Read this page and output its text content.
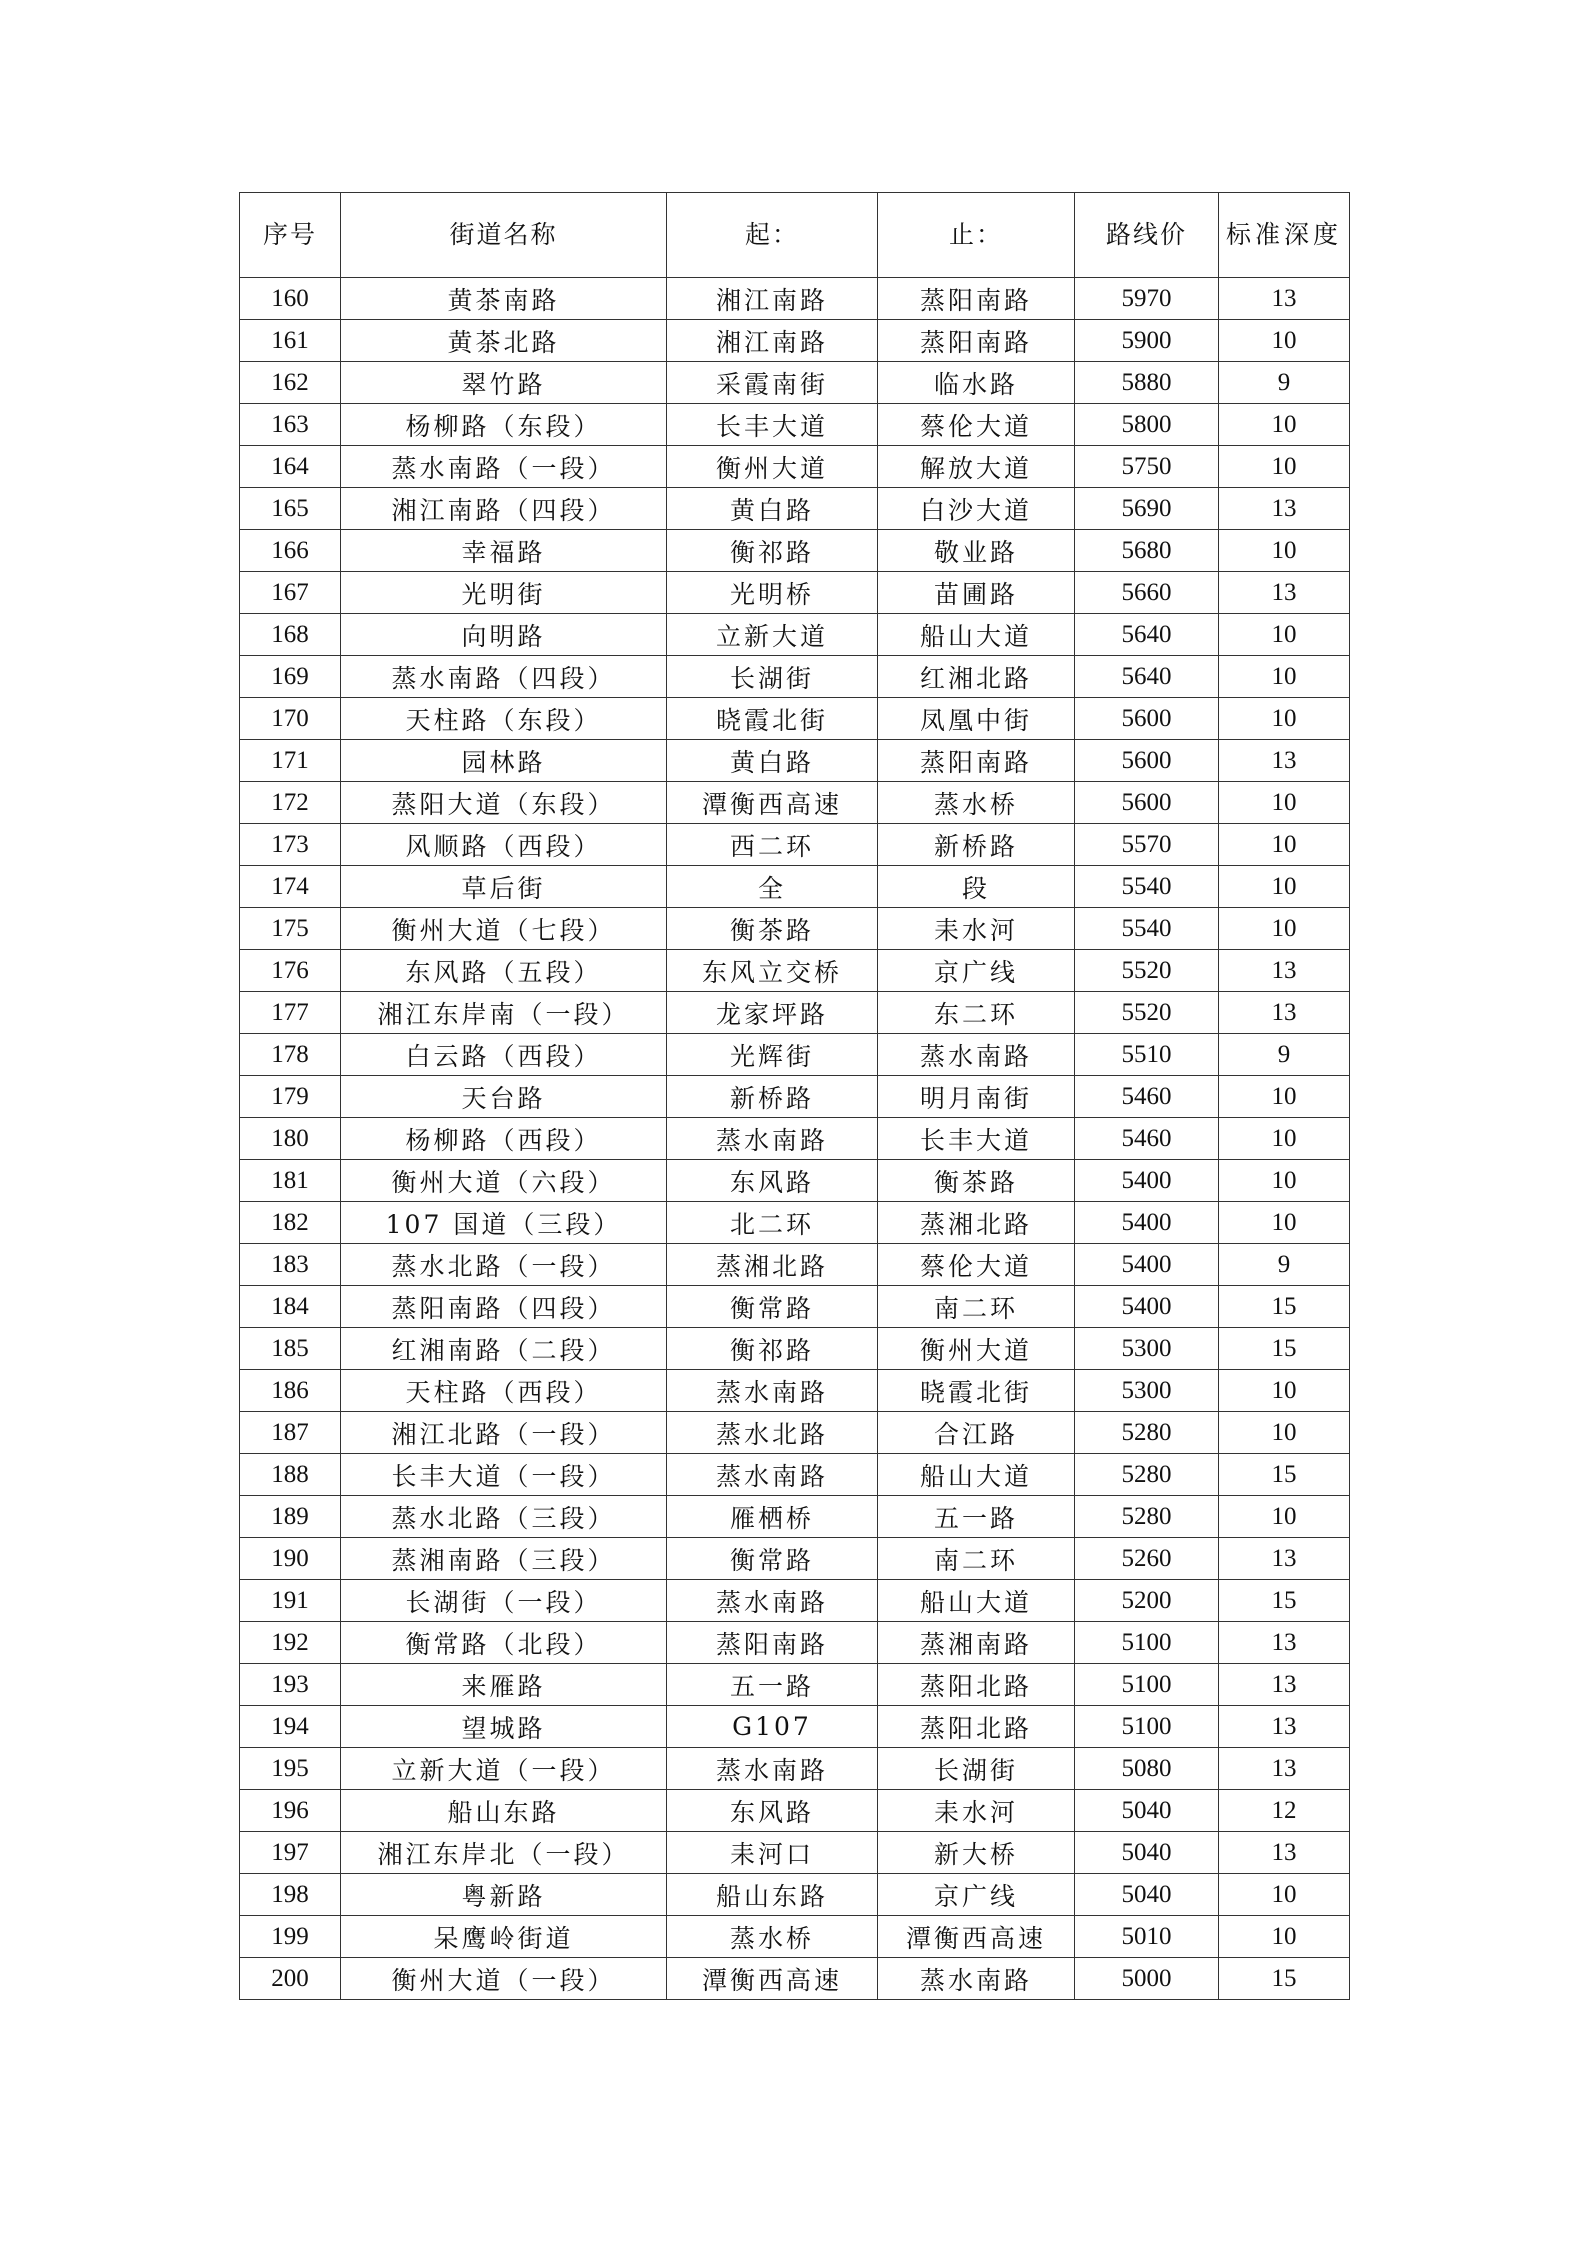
序号	街道名称	起：	止：	路线价	标准深度
160	黄茶南路	湘江南路	蒸阳南路	5970	13
161	黄茶北路	湘江南路	蒸阳南路	5900	10
162	翠竹路	采霞南街	临水路	5880	9
163	杨柳路（东段）	长丰大道	蔡伦大道	5800	10
164	蒸水南路（一段）	衡州大道	解放大道	5750	10
165	湘江南路（四段）	黄白路	白沙大道	5690	13
166	幸福路	衡祁路	敬业路	5680	10
167	光明街	光明桥	苗圃路	5660	13
168	向明路	立新大道	船山大道	5640	10
169	蒸水南路（四段）	长湖街	红湘北路	5640	10
170	天柱路（东段）	晓霞北街	凤凰中街	5600	10
171	园林路	黄白路	蒸阳南路	5600	13
172	蒸阳大道（东段）	潭衡西高速	蒸水桥	5600	10
173	风顺路（西段）	西二环	新桥路	5570	10
174	草后街	全	段	5540	10
175	衡州大道（七段）	衡茶路	耒水河	5540	10
176	东风路（五段）	东风立交桥	京广线	5520	13
177	湘江东岸南（一段）	龙家坪路	东二环	5520	13
178	白云路（西段）	光辉街	蒸水南路	5510	9
179	天台路	新桥路	明月南街	5460	10
180	杨柳路（西段）	蒸水南路	长丰大道	5460	10
181	衡州大道（六段）	东风路	衡茶路	5400	10
182	107 国道（三段）	北二环	蒸湘北路	5400	10
183	蒸水北路（一段）	蒸湘北路	蔡伦大道	5400	9
184	蒸阳南路（四段）	衡常路	南二环	5400	15
185	红湘南路（二段）	衡祁路	衡州大道	5300	15
186	天柱路（西段）	蒸水南路	晓霞北街	5300	10
187	湘江北路（一段）	蒸水北路	合江路	5280	10
188	长丰大道（一段）	蒸水南路	船山大道	5280	15
189	蒸水北路（三段）	雁栖桥	五一路	5280	10
190	蒸湘南路（三段）	衡常路	南二环	5260	13
191	长湖街（一段）	蒸水南路	船山大道	5200	15
192	衡常路（北段）	蒸阳南路	蒸湘南路	5100	13
193	来雁路	五一路	蒸阳北路	5100	13
194	望城路	G107	蒸阳北路	5100	13
195	立新大道（一段）	蒸水南路	长湖街	5080	13
196	船山东路	东风路	耒水河	5040	12
197	湘江东岸北（一段）	耒河口	新大桥	5040	13
198	粤新路	船山东路	京广线	5040	10
199	呆鹰岭街道	蒸水桥	潭衡西高速	5010	10
200	衡州大道（一段）	潭衡西高速	蒸水南路	5000	15
